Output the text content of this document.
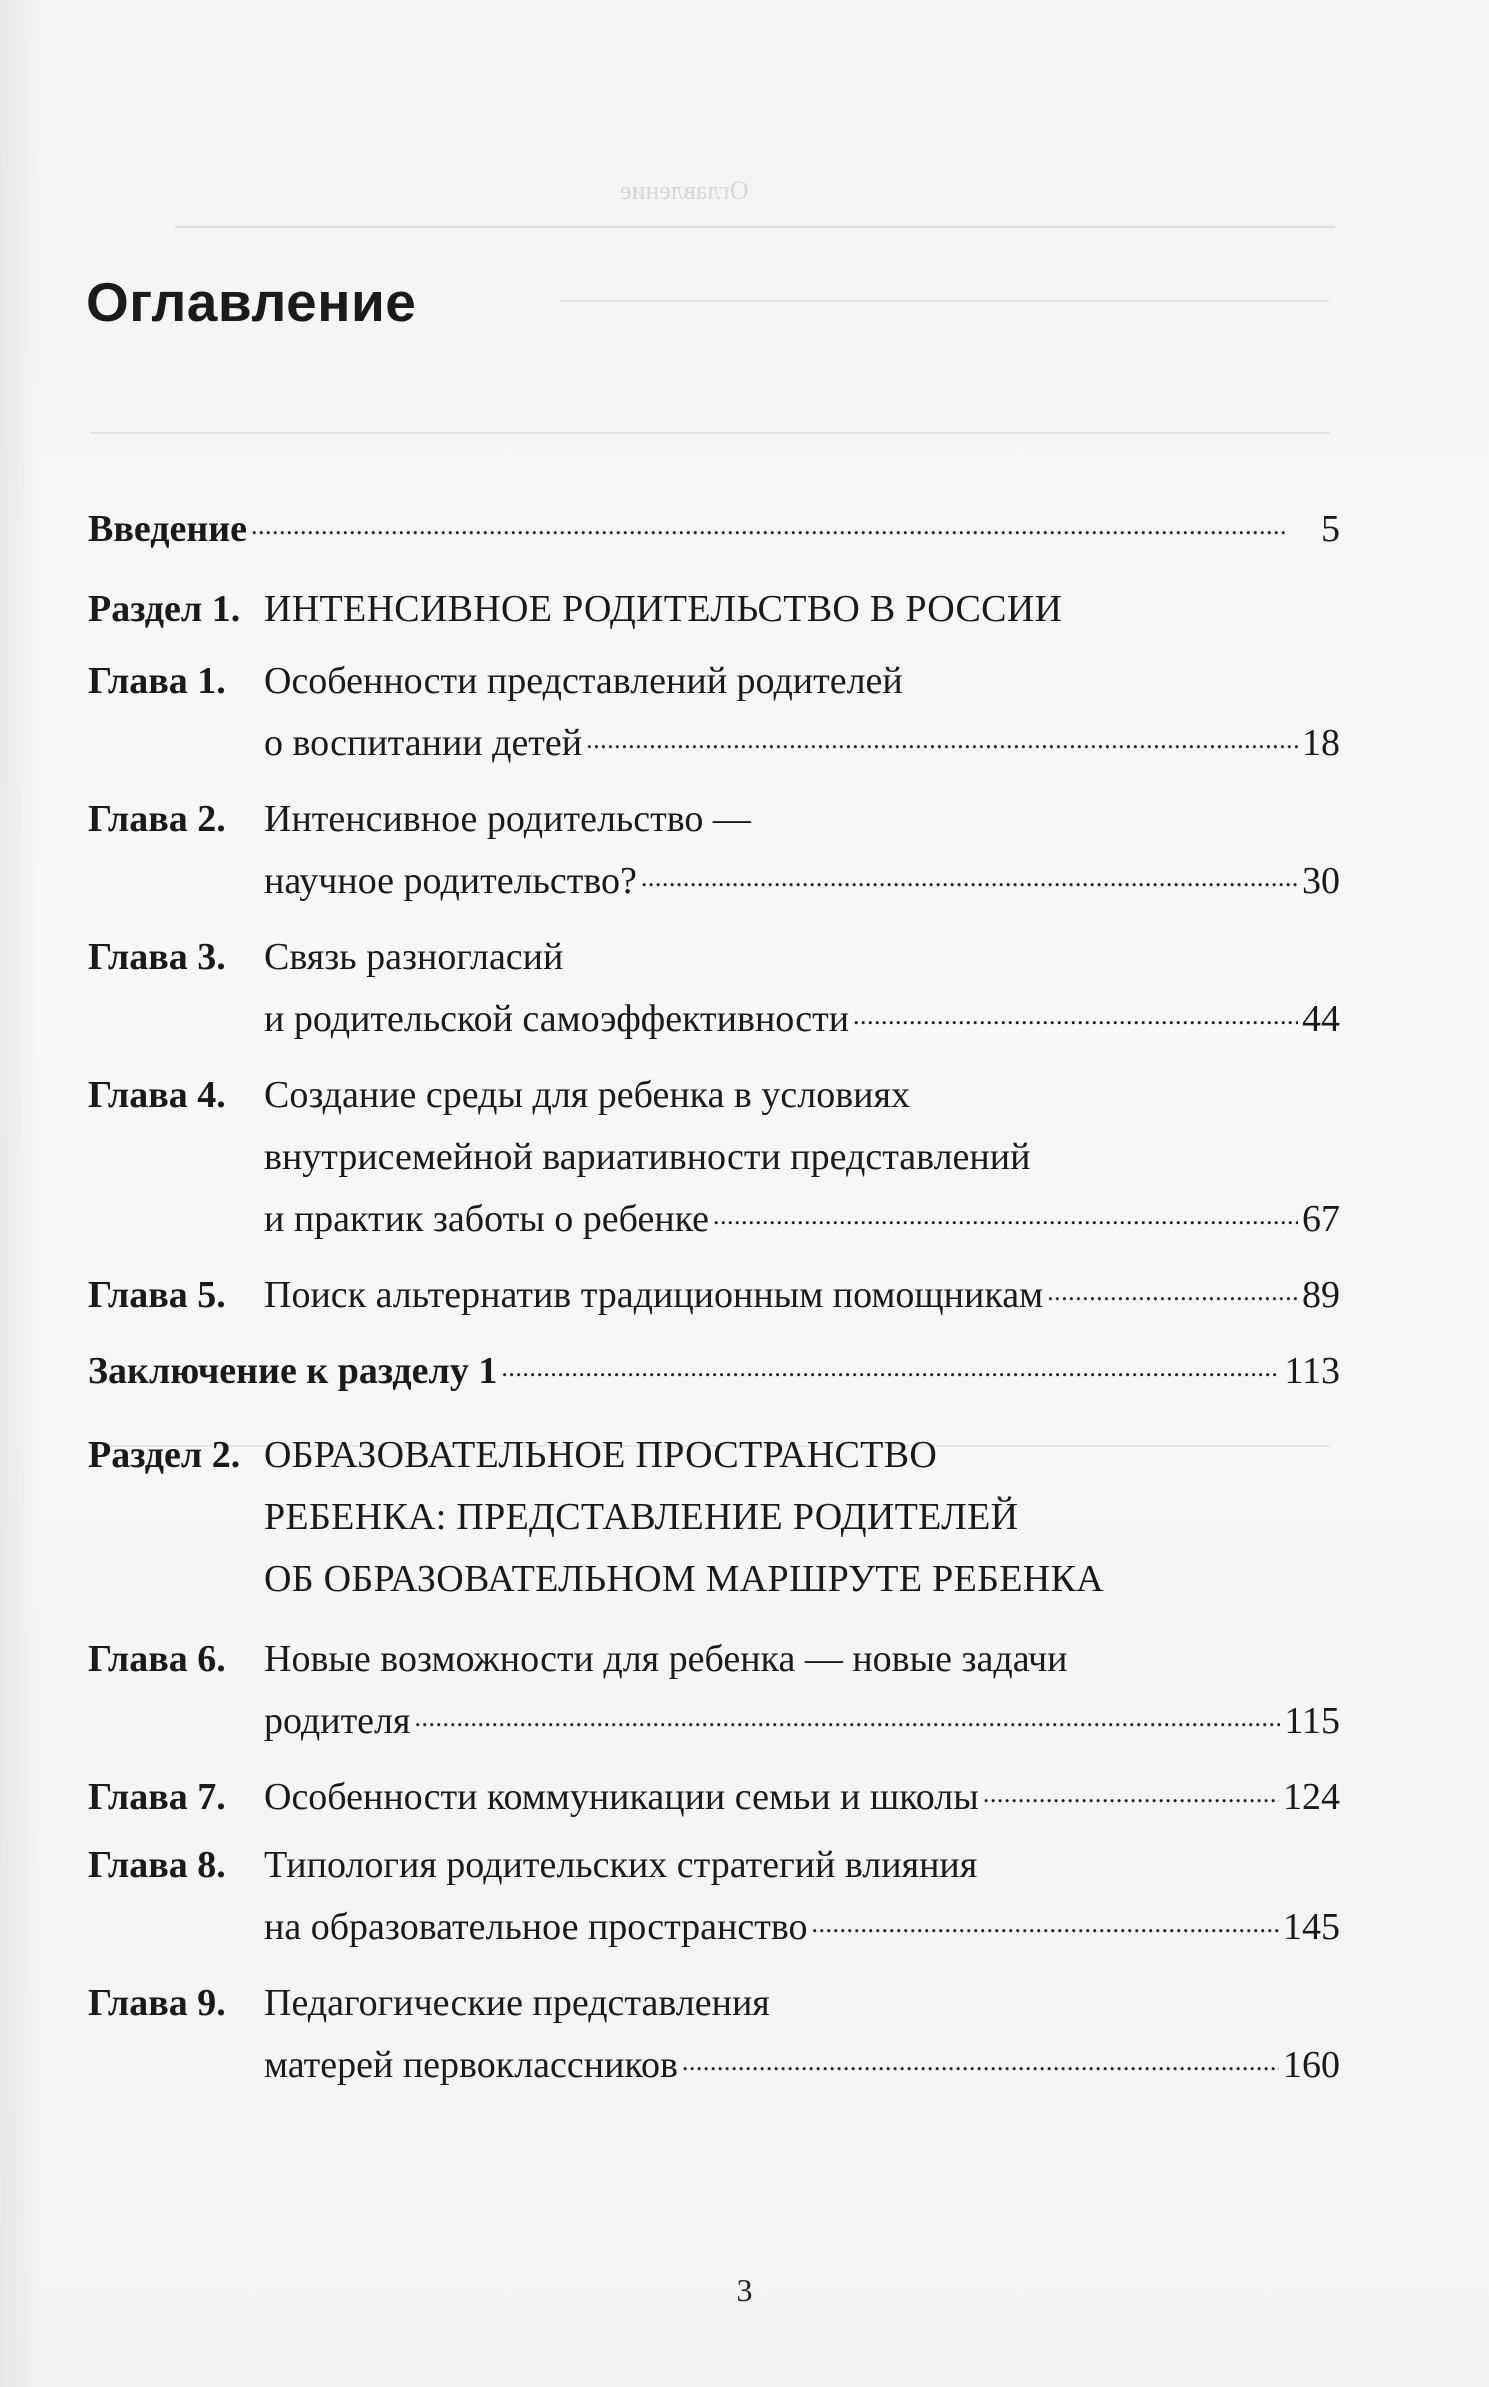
Оглавление
Оглавление
Введение . . .	5
Раздел 1. ИНТЕНСИВНОЕ РОДИТЕЛЬСТВО В РОССИИ
Глава 1.	Особенности представлений родителей
о воспитании детей . . .	18
Глава 2.	Интенсивное родительство —
научное родительство? . . .	30
Глава 3.	Связь разногласий
и родительской самоэффективности . . .	44
Глава 4.	Создание среды для ребенка в условиях
внутрисемейной вариативности представлений
и практик заботы о ребенке . . .	67
Глава 5.	Поиск альтернатив традиционным помощникам . . .	89
Заключение к разделу 1 . . .	113
Раздел 2. ОБРАЗОВАТЕЛЬНОЕ ПРОСТРАНСТВО
РЕБЕНКА: ПРЕДСТАВЛЕНИЕ РОДИТЕЛЕЙ
ОБ ОБРАЗОВАТЕЛЬНОМ МАРШРУТЕ РЕБЕНКА
Глава 6.	Новые возможности для ребенка — новые задачи
родителя . . .	115
Глава 7.	Особенности коммуникации семьи и школы . . .	124
Глава 8.	Типология родительских стратегий влияния
на образовательное пространство . . .	145
Глава 9.	Педагогические представления
матерей первоклассников . . .	160
3
